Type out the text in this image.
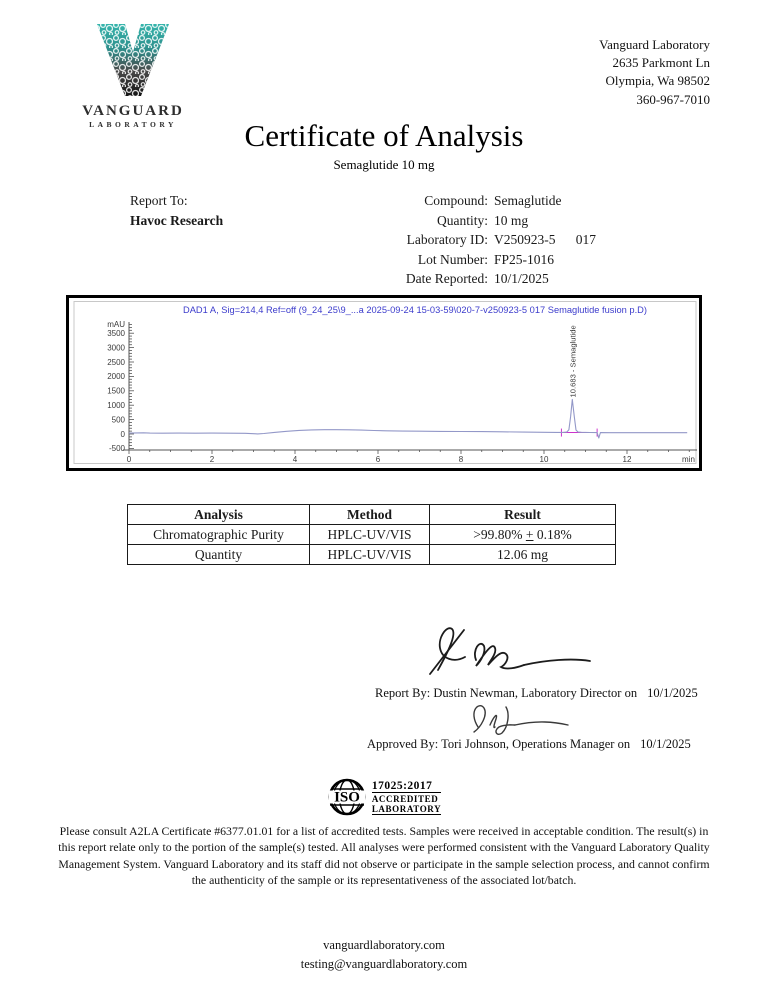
VANGUARD
LABORATORY
Vanguard Laboratory
2635 Parkmont Ln
Olympia, Wa 98502
360-967-7010
Certificate of Analysis
Semaglutide 10 mg
Report To:
Havoc Research
Compound: Semaglutide
Quantity: 10 mg
Laboratory ID: V250923-5      017
Lot Number: FP25-1016
Date Reported: 10/1/2025
DAD1 A, Sig=214,4 Ref=off (9_24_25\9_...a 2025-09-24 15-03-59\020-7-v250923-5 017 Semaglutide fusion p.D)
3500
3000
2500
2000
1500
1000
500
0
-500
mAU
0	2	4	6	8	10	12	min
10.683 - Semaglutide
Analysis	Method	Result
Chromatographic Purity	HPLC-UV/VIS	>99.80% + 0.18%
Quantity	HPLC-UV/VIS	12.06 mg
Report By: Dustin Newman, Laboratory Director on 10/1/2025
Approved By: Tori Johnson, Operations Manager on 10/1/2025
ISO
17025:2017
ACCREDITED
LABORATORY
Please consult A2LA Certificate #6377.01.01 for a list of accredited tests. Samples were received in acceptable condition. The result(s) in this report relate only to the portion of the sample(s) tested. All analyses were performed consistent with the Vanguard Laboratory Quality Management System. Vanguard Laboratory and its staff did not observe or participate in the sample selection process, and cannot confirm the authenticity of the sample or its representativeness of the associated lot/batch.
vanguardlaboratory.com
testing@vanguardlaboratory.com
